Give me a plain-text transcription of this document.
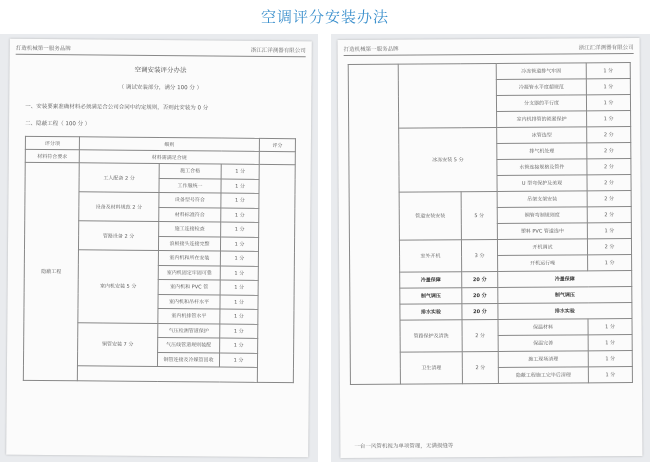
空调评分安装办法
打造机械第一服务品牌	浙江汇洋测器有限公司
空调安装评分办法
（ 调试安装部分，满分 100 分 ）
一、安装要素准确材料必须满足合公司合同中约定规则，否则此安装为 0 分
二、隐蔽工程（ 100 分 ）
评分项	细则			评分
材料符合要求	材料需满足合规			
隐蔽工程	工人配备 2 分	施工合格	1 分	
		工作服统一	1 分	
	设备及材料规范 2 分	设备型号符合	1 分	
		材料标准符合	1 分	
	管路设备 2 分	施工连接检查	1 分	
		浪板接头连接完整	1 分	
	室内机安装 5 分	室内机和所在安装	1 分	
		室内机固定牢固可靠	1 分	
		室内机和 PVC 管	1 分	
		室内机和吊杆水平	1 分	
		室内机排管水平	1 分	
	铜管安装 7 分	气压检测管道保护	1 分	
		气压线管道规则装配	1 分	
		铜管连接及冷媒管回收	1 分	

打造机械第一服务品牌	浙江汇洋测器有限公司
			冷冻管道排气牢固	1 分
			冷凝管水平度超规范	1 分
			分支器的平行度	1 分
			室内机排管的锁紧保护	1 分
	冰冻安装 5 分		冰管选型	2 分
			排气机处理	2 分
			水管连接规格及管件	2 分
			U 型弯保护及美观	2 分
	管道安装安装	5 分	吊架支架安装	2 分
			铜管弯制规则度	2 分
			塑料 PVC 管道选中	1 分
	室外开机	3 分	开机调试	2 分
			开机运行噪	1 分
	冷量保障	20 分	冷量保障	
	制气调压	20 分	制气调压	
	排水实验	20 分	排水实验	
	管路保护及清洗	2 分	保温材料	1 分
			保温完善	1 分
	卫生清理	2 分	施工现场清理	1 分
			隐蔽工程施工完毕后清理	1 分
一台一风管机视为单项管理，无满损缝等
